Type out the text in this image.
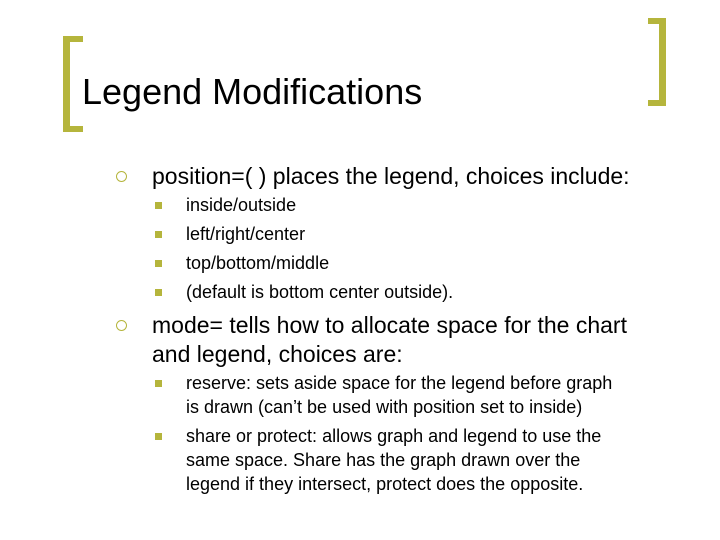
Legend Modifications
position=( ) places the legend, choices include:
inside/outside
left/right/center
top/bottom/middle
(default is bottom center outside).
mode= tells how to allocate space for the chart
and legend, choices are:
reserve: sets aside space for the legend before graph
is drawn (can’t be used with position set to inside)
share or protect: allows graph and legend to use the
same space. Share has the graph drawn over the
legend if they intersect, protect does the opposite.
